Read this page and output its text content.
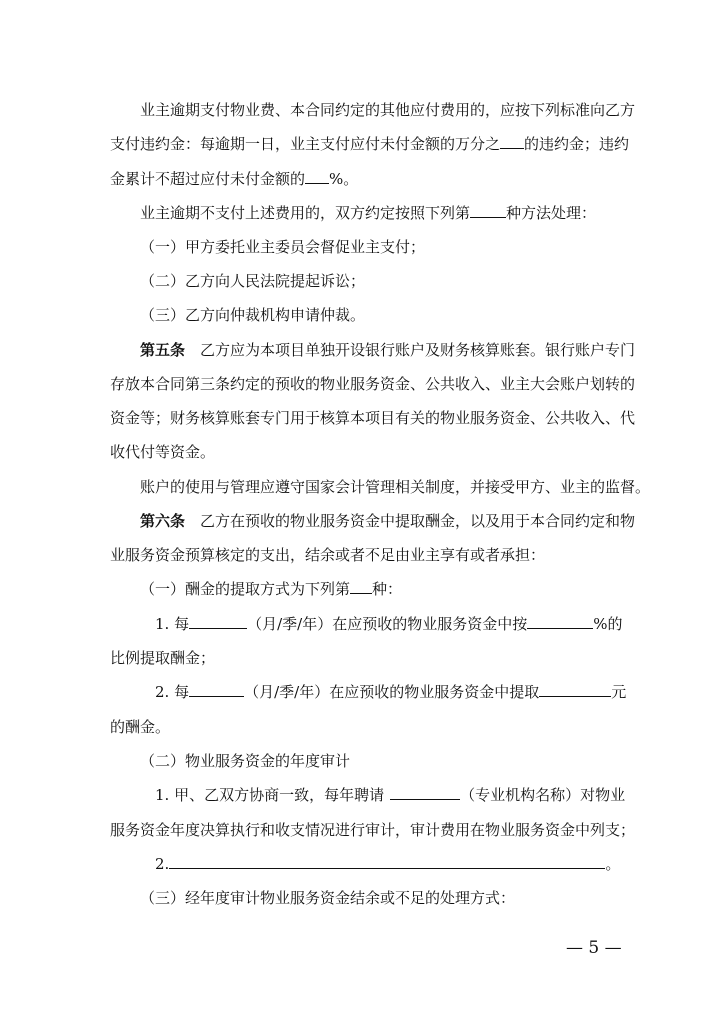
业主逾期支付物业费、本合同约定的其他应付费用的，应按下列标准向乙方
支付违约金：每逾期一日，业主支付应付未付金额的万分之 的违约金；违约
金累计不超过应付未付金额的 %。
业主逾期不支付上述费用的，双方约定按照下列第 种方法处理：
（一）甲方委托业主委员会督促业主支付；
（二）乙方向人民法院提起诉讼；
（三）乙方向仲裁机构申请仲裁。
第五条　乙方应为本项目单独开设银行账户及财务核算账套。银行账户专门
存放本合同第三条约定的预收的物业服务资金、公共收入、业主大会账户划转的
资金等；财务核算账套专门用于核算本项目有关的物业服务资金、公共收入、代
收代付等资金。
账户的使用与管理应遵守国家会计管理相关制度，并接受甲方、业主的监督。
第六条　乙方在预收的物业服务资金中提取酬金，以及用于本合同约定和物
业服务资金预算核定的支出，结余或者不足由业主享有或者承担：
（一）酬金的提取方式为下列第 种：
1. 每	（月/季/年）在应预收的物业服务资金中按	%的
比例提取酬金；
2. 每	（月/季/年）在应预收的物业服务资金中提取	元
的酬金。
（二）物业服务资金的年度审计
1. 甲、乙双方协商一致，每年聘请	（专业机构名称）对物业
服务资金年度决算执行和收支情况进行审计，审计费用在物业服务资金中列支；
2.	。
（三）经年度审计物业服务资金结余或不足的处理方式：
— 5 —
